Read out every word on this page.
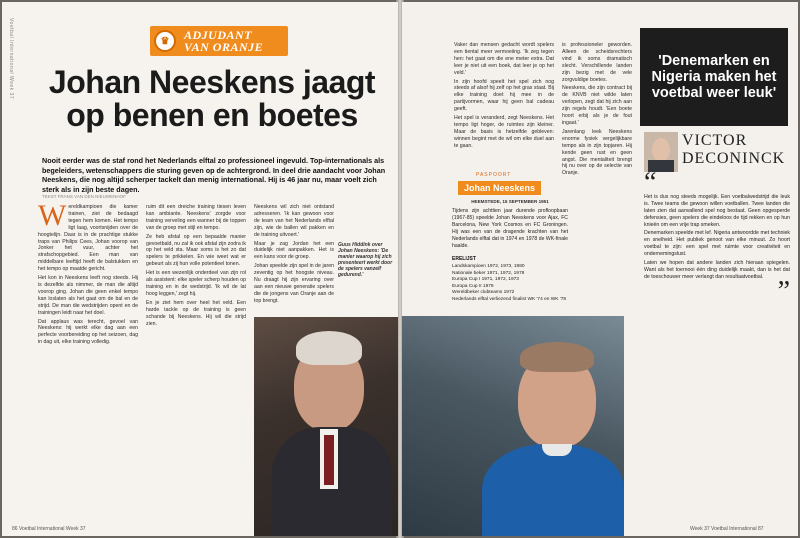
Voetbal International Week 37	♛	ADJUDANT
VAN ORANJE
Johan Neeskens jaagt op benen en boetes
Nooit eerder was de staf rond het Nederlands elftal zo professioneel ingevuld. Top-internationals als begeleiders, wetenschappers die sturing geven op de achtergrond. In deel drie aandacht voor Johan Neeskens, die nog altijd scherper tackelt dan menig international. Hij is 46 jaar nu, maar voelt zich sterk als in zijn beste dagen.
TEKST FRANS VAN DEN NIEUWENHOF
W ereldkampioen die kamer trainen, ziet de bedaagd tegen hem komen. Het tempo ligt laag, voortsnijden over de hoogtelijn. Daar is in de prachtige stukke traps van Philips Cees, Johan voorop van Jonker het vuur, achter het strafschopgebied. Een man van middelbare leeftijd heeft de balstukken en het tempo op maatde gericht.

Het kon in Neeskens leeft nog steeds. Hij is dezelfde als nimmer, de man die altijd voorop ging. Johan die geen enkel tempo kan loslaten als het gaat om de bal en de strijd. De man die wedstrijden opent en de trainingen leidt naar het doel.

Dat applaus was terecht, gevoel van Neeskens: hij werkt elke dag aan een perfecte voorbereiding op het seizoen, dag in dag uit, elke training volledig.

ruim dit een dreiche training tiesen leven kan ambiante. Neeskens' zorgde voor training verveling een wanner bij de toppen van de groep met stijl en tempo.

Ze heb afstal op een bepaalde manier gevoetbald, nu zal ik ook afstal zijn zodra ik op het veld sta. Maar soms is het zo dat spelers te prikkelen. En wie weet wat er gebeurt als zij hun volle potentieel tonen.

Het is een wezenlijk onderdeel van zijn rol als assistent: elke speler scherp houden op training en in de wedstrijd. 'Ik wil de lat hoog leggen,' zegt hij.

En je ziet hem over heel het veld. Een harde tackle op de training is geen schande bij Neeskens. Hij wil die strijd zien.

Neeskens wil zich niet ontstand adresseren. 'Ik kan gewoon voor de team van het Nederlands elftal zijn, wie de ballen wil pakken en de training uitvoert.'

Maar je zag Jordan het een duidelijk niet aanpakken. Het is een kans voor de groep.

Johan speelde zijn spel in de jaren zeventig op het hoogste niveau. Nu draagt hij zijn ervaring over aan een nieuwe generatie spelers die de jongens van Oranje aan de top brengt.

Guus Hiddink over Johan Neeskens: 'De manier waarop hij zich presenteert werkt door de spelers vanzelf gedurend.'
86 Voetbal International Week 37

Vaker dan mensen gedacht wordt spelers een tiental meer vermoeiing. 'Ik zeg tegen hen: het gaat om die ene meter extra. Dat leer je niet uit een boek, dat leer je op het veld.'

In zijn hoofd speelt het spel zich nog steeds af alsof hij zelf op het gras staat. Bij elke training doet hij mee in de partijvormen, waar hij geen bal cadeau geeft.

Het spel is veranderd, zegt Neeskens. Het tempo ligt hoger, de ruimtes zijn kleiner. Maar de basis is hetzelfde gebleven: winnen begint met de wil om elke duel aan te gaan.

is professioneler geworden. Alleen de scheidsrechters vind ik soms dramatisch slecht. Verschillende landen zijn bezig met de vele zorgvuldige boetes.

Neeskens, die zijn contract bij de KNVB niet wilde laten verlopen, zegt dat hij zich aan zijn regels houdt. 'Een boete hoort erbij als je de fout ingaat.'

Jarenlang leek Neeskens enorme fysiek vergelijkbare tempo als in zijn topjaren. Hij kende geen rust en geen angst. Die mentaliteit brengt hij nu over op de selectie van Oranje.

PASPOORT
Johan Neeskens
HEEMSTEDE, 15 SEPTEMBER 1951
Tijdens zijn achttien jaar durende profloopbaan (1967-85) speelde Johan Neeskens voor Ajax, FC Barcelona, New York Cosmos en FC Groningen. Hij was een van de dragende krachten van het Nederlands elftal dat in 1974 en 1978 de WK-finale haalde.
ERELIJST
Landskampioen 1972, 1973, 1980
Nationale beker 1971, 1972, 1978
Europa Cup I 1971, 1972, 1973
Europa Cup II 1979
Wereldbeker clubteams 1972
Nederlands elftal verliezend finalist WK '74 en WK '78
'Denemarken en Nigeria maken het voetbal weer leuk'
VICTOR
DECONINCK
“

Het is dus nog steeds mogelijk. Een voetbalwedstrijd die leuk is. Twee teams die gewoon willen voetballen. Twee landen die laten zien dat aanvallend spel nog bestaat. Geen opgesperde defensies, geen spelers die eindeloos de tijd rekken en op hun knieën om een vrije trap smeken.

Denemarken speelde met lef. Nigeria antwoordde met techniek en snelheid. Het publiek genoot van elke minuut. Zo hoort voetbal te zijn: een spel met ruimte voor creativiteit en ondernemingslust.

Laten we hopen dat andere landen zich hieraan spiegelen. Want als het toernooi één ding duidelijk maakt, dan is het dat de toeschouwer meer verlangt dan resultaatvoetbal. ”
Week 37 Voetbal International 87
